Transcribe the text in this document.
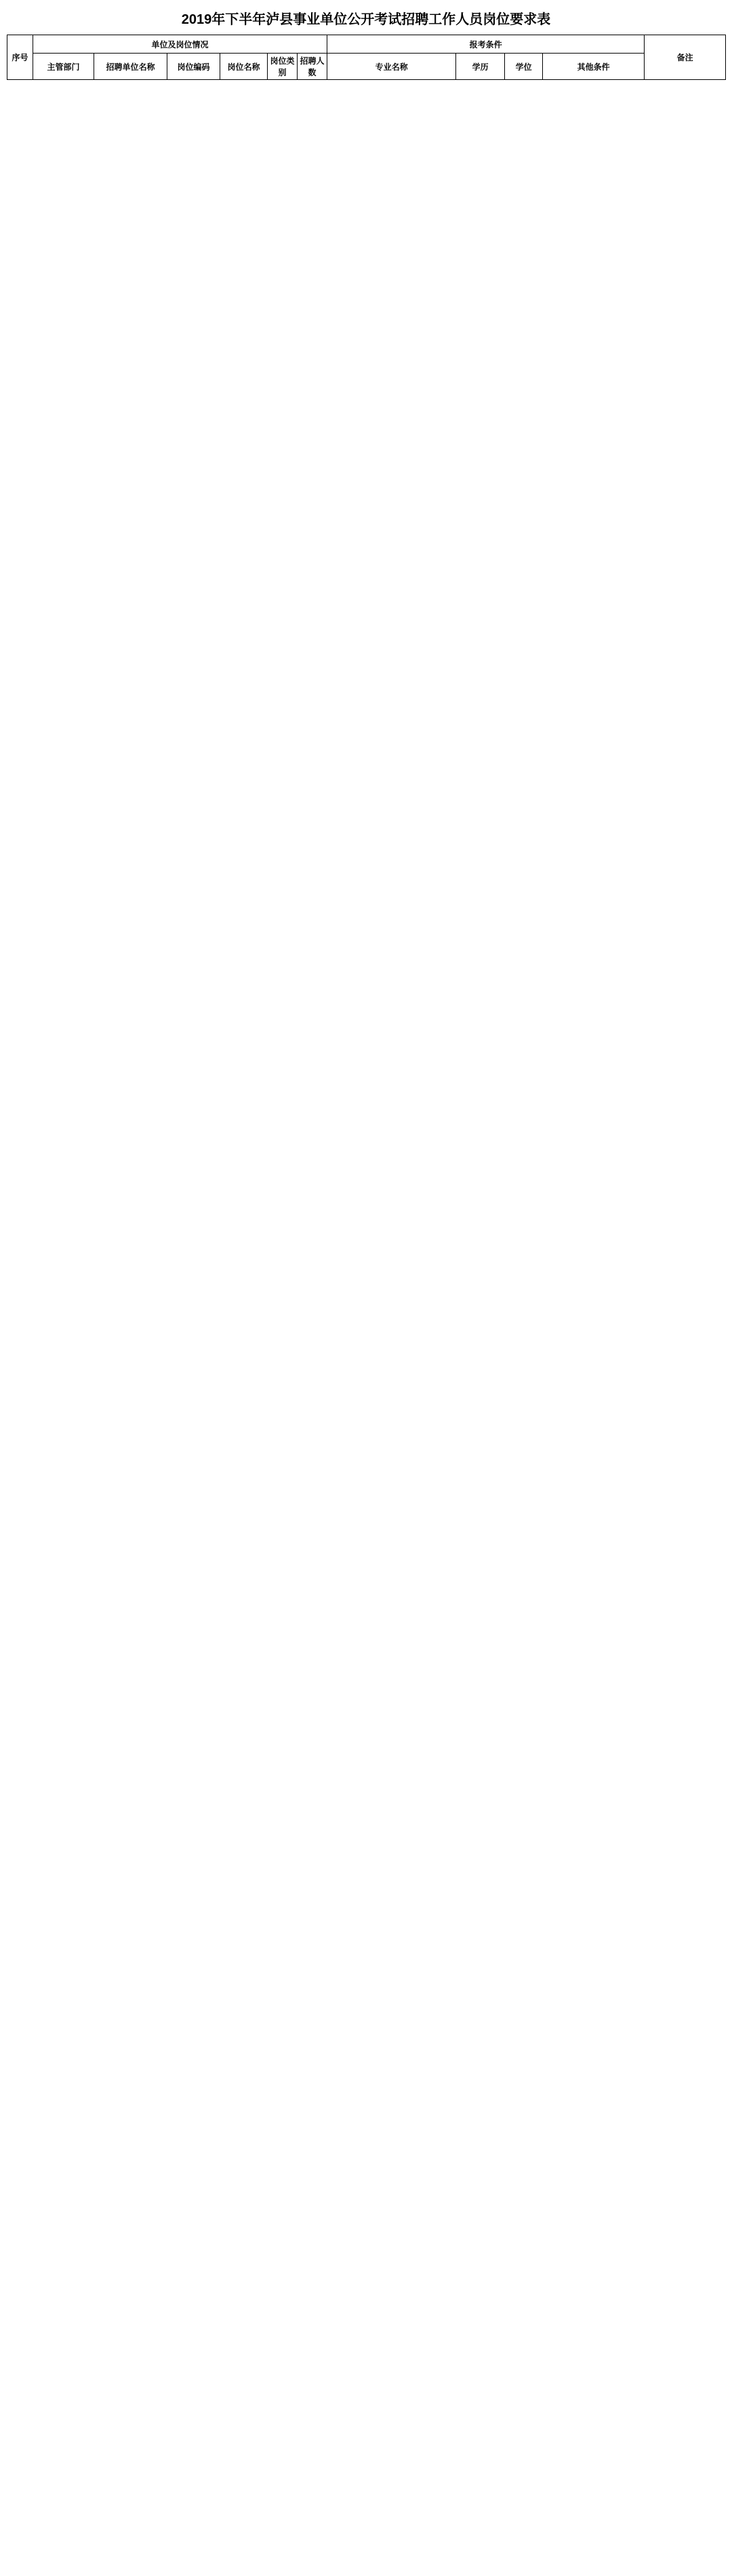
2019年下半年泸县事业单位公开考试招聘工作人员岗位要求表
序号	单位及岗位情况						报考条件				备注
	主管部门	招聘单位名称	岗位编码	岗位名称	岗位类别	招聘人数	专业名称	学历	学位	其他条件	
